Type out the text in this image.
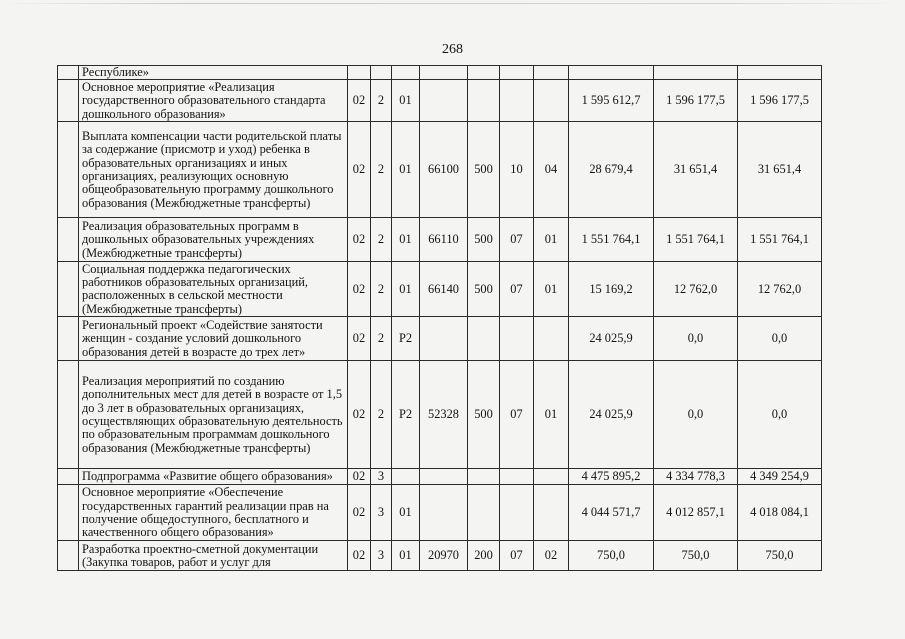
268
	Республике»										
	Основное мероприятие «Реализация государственного образовательного стандарта дошкольного образования»	02	2	01					1 595 612,7	1 596 177,5	1 596 177,5
	Выплата компенсации части родительской платы за содержание (присмотр и уход) ребенка в образовательных организациях и иных организациях, реализующих основную общеобразовательную программу дошкольного образования (Межбюджетные трансферты)	02	2	01	66100	500	10	04	28 679,4	31 651,4	31 651,4
	Реализация образовательных программ в дошкольных образовательных учреждениях (Межбюджетные трансферты)	02	2	01	66110	500	07	01	1 551 764,1	1 551 764,1	1 551 764,1
	Социальная поддержка педагогических работников образовательных организаций, расположенных в сельской местности (Межбюджетные трансферты)	02	2	01	66140	500	07	01	15 169,2	12 762,0	12 762,0
	Региональный проект «Содействие занятости женщин - создание условий дошкольного образования детей в возрасте до трех лет»	02	2	P2					24 025,9	0,0	0,0
	Реализация мероприятий по созданию дополнительных мест для детей в возрасте от 1,5 до 3 лет в образовательных организациях, осуществляющих образовательную деятельность по образовательным программам дошкольного образования (Межбюджетные трансферты)	02	2	P2	52328	500	07	01	24 025,9	0,0	0,0
	Подпрограмма «Развитие общего образования»	02	3						4 475 895,2	4 334 778,3	4 349 254,9
	Основное мероприятие «Обеспечение государственных гарантий реализации прав на получение общедоступного, бесплатного и качественного общего образования»	02	3	01					4 044 571,7	4 012 857,1	4 018 084,1
	Разработка проектно-сметной документации (Закупка товаров, работ и услуг для	02	3	01	20970	200	07	02	750,0	750,0	750,0
